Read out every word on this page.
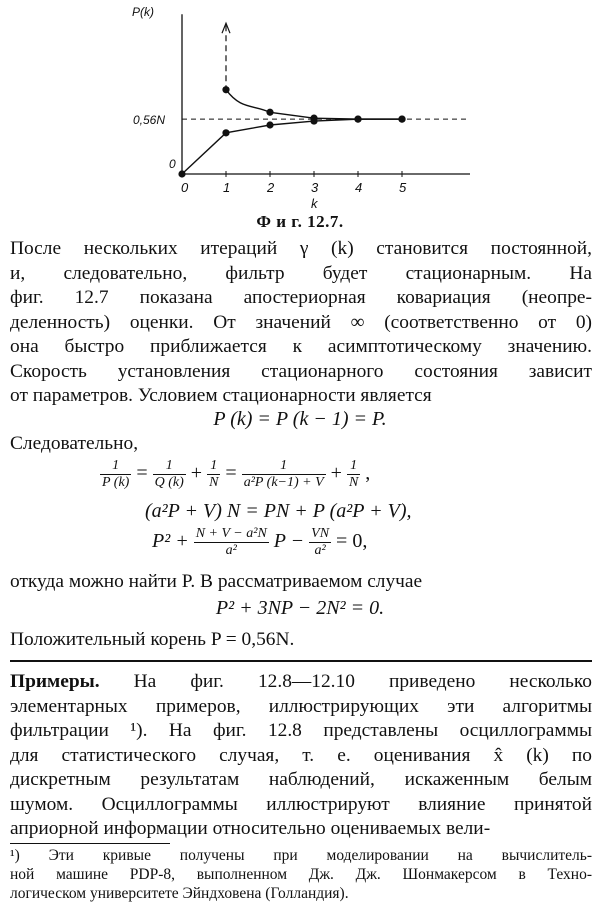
0	1	2	3	4	5
P(k)
0
0,56N
k
Ф и г. 12.7.
После нескольких итераций γ (k) становится постоянной,
и, следовательно, фильтр будет стационарным. На
фиг. 12.7 показана апостериорная ковариация (неопре-
деленность) оценки. От значений ∞ (соответственно от 0)
она быстро приближается к асимптотическому значению.
Скорость установления стационарного состояния зависит
от параметров. Условием стационарности является
P (k) = P (k − 1) = P.
Следовательно,
$\frac{1}{P (k)} = \frac{1}{Q (k)} + \frac{1}{N} = \frac{1}{\text{a²P (k−1) + V}} + \frac{1}{N}$ ,
(a²P + V) N = PN + P (a²P + V),
$P^2 + \frac{\text{N + V − a²N}}{\text{a²}}$ $P - \frac{VN}{\text{a²}} = 0$,
откуда можно найти P. В рассматриваемом случае
P² + 3NP − 2N² = 0.
Положительный корень P = 0,56N.
Примеры. На фиг. 12.8—12.10 приведено несколько
элементарных примеров, иллюстрирующих эти алгоритмы
фильтрации ¹). На фиг. 12.8 представлены осциллограммы
для статистического случая, т. е. оценивания x̂ (k) по
дискретным результатам наблюдений, искаженным белым
шумом. Осциллограммы иллюстрируют влияние принятой
априорной информации относительно оцениваемых вели-
¹) Эти кривые получены при моделировании на вычислитель-
ной машине PDP-8, выполненном Дж. Дж. Шонмакерсом в Техно-
логическом университете Эйндховена (Голландия).
